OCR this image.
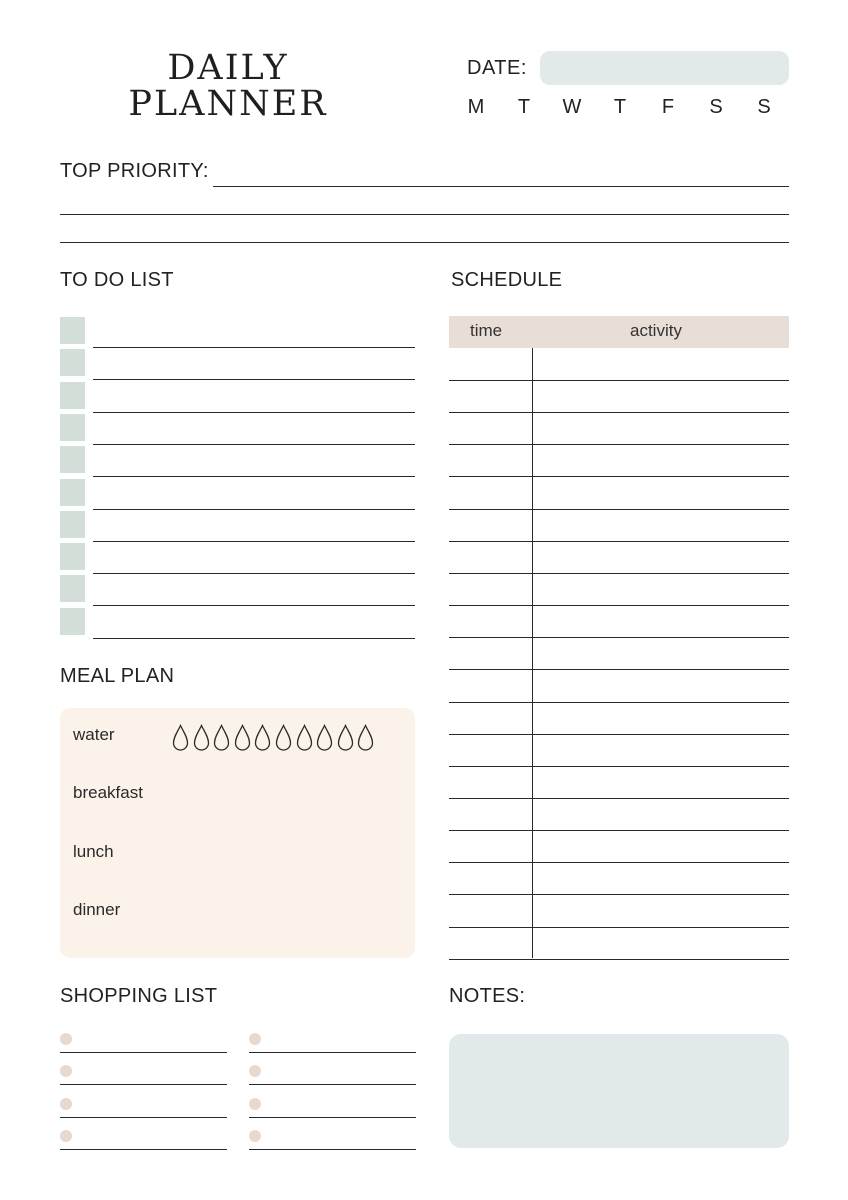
DAILY
PLANNER
DATE:
M	T	W	T	F	S	S
TOP PRIORITY:
TO DO LIST	SCHEDULE
time	activity
MEAL PLAN
water
breakfast
lunch
dinner
SHOPPING LIST	NOTES:
